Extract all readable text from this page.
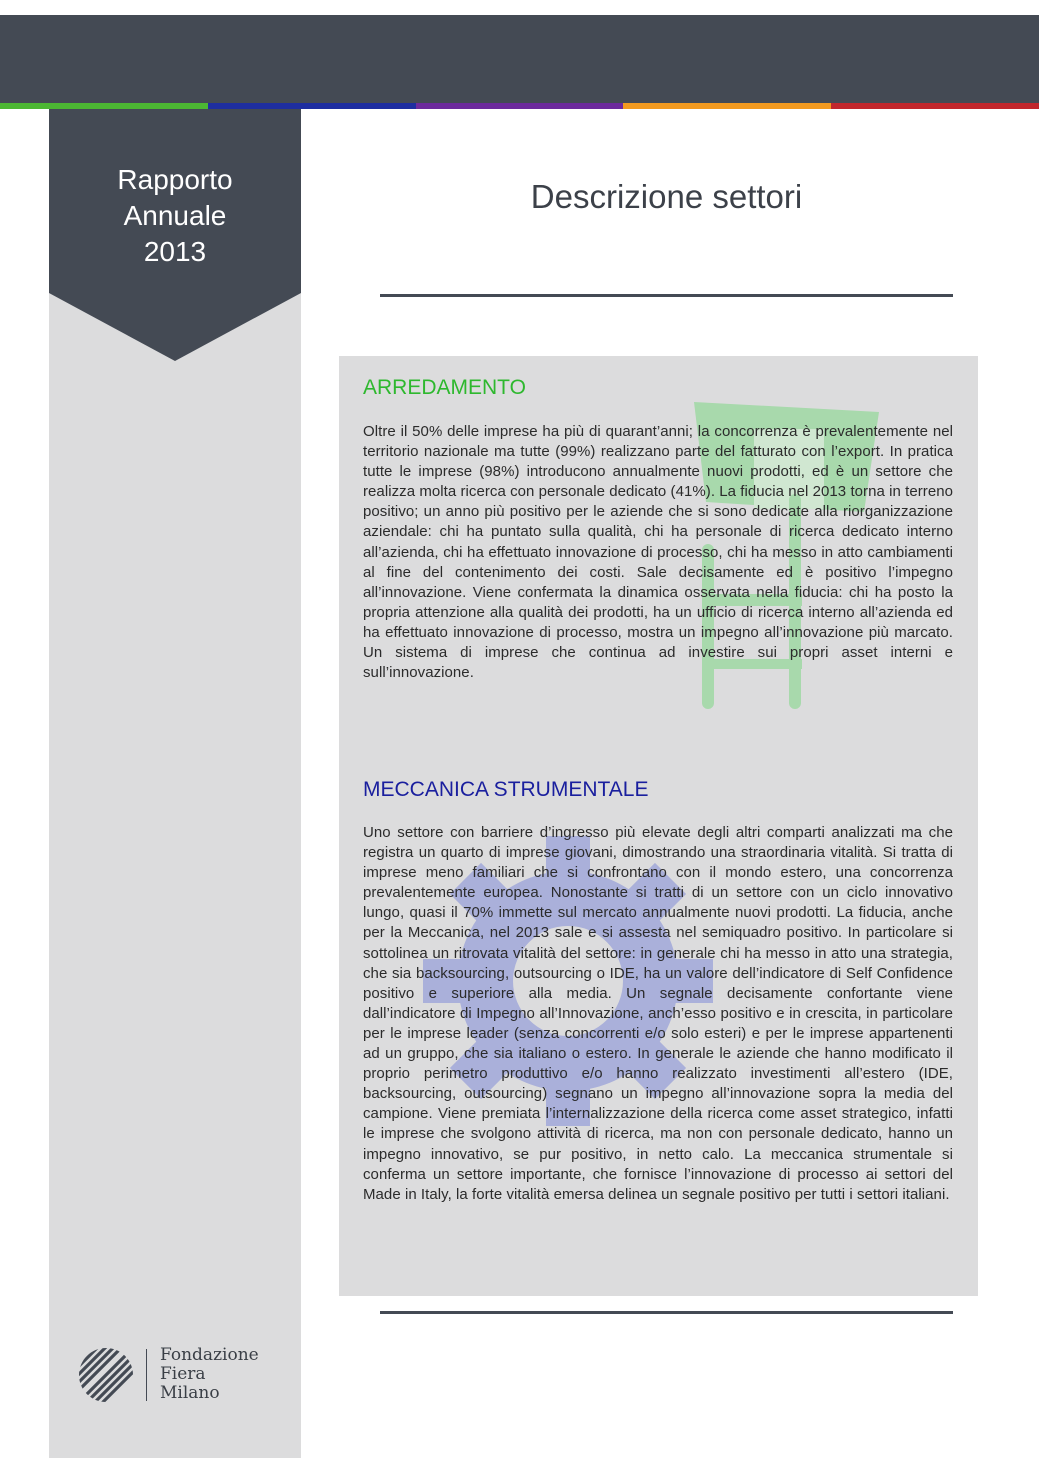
Rapporto
Annuale
2013
Descrizione settori
ARREDAMENTO

Oltre il 50% delle imprese ha più di quarant’anni; la concorrenza è prevalentemente nel territorio nazionale ma tutte (99%) realizzano parte del fatturato con l’export. In pratica tutte le imprese (98%) introducono annualmente nuovi prodotti, ed è un settore che realizza molta ricerca con personale dedicato (41%). La fiducia nel 2013 torna in terreno positivo; un anno più positivo per le aziende che si sono dedicate alla riorganizzazione aziendale: chi ha puntato sulla qualità, chi ha personale di ricerca dedicato interno all’azienda, chi ha effettuato innovazione di processo, chi ha messo in atto cambiamenti al fine del contenimento dei costi. Sale decisamente ed è positivo l’impegno all’innovazione. Viene confermata la dinamica osservata nella fiducia: chi ha posto la propria attenzione alla qualità dei prodotti, ha un ufficio di ricerca interno all’azienda ed ha effettuato innovazione di processo, mostra un impegno all’innovazione più marcato. Un sistema di imprese che continua ad investire sui propri asset interni e sull’innovazione.

MECCANICA STRUMENTALE

Uno settore con barriere d’ingresso più elevate degli altri comparti analizzati ma che registra un quarto di imprese giovani, dimostrando una straordinaria vitalità. Si tratta di imprese meno familiari che si confrontano con il mondo estero, una concorrenza prevalentemente europea. Nonostante si tratti di un settore con un ciclo innovativo lungo, quasi il 70% immette sul mercato annualmente nuovi prodotti. La fiducia, anche per la Meccanica, nel 2013 sale e si assesta nel semiquadro positivo. In particolare si sottolinea un ritrovata vitalità del settore: in generale chi ha messo in atto una strategia, che sia backsourcing, outsourcing o IDE, ha un valore dell’indicatore di Self Confidence positivo e superiore alla media. Un segnale decisamente confortante viene dall’indicatore di Impegno all’Innovazione, anch’esso positivo e in crescita, in particolare per le imprese leader (senza concorrenti e/o solo esteri) e per le imprese appartenenti ad un gruppo, che sia italiano o estero. In generale le aziende che hanno modificato il proprio perimetro produttivo e/o hanno realizzato investimenti all’estero (IDE, backsourcing, outsourcing) segnano un impegno all’innovazione sopra la media del campione. Viene premiata l’internalizzazione della ricerca come asset strategico, infatti le imprese che svolgono attività di ricerca, ma non con personale dedicato, hanno un impegno innovativo, se pur positivo, in netto calo. La meccanica strumentale si conferma un settore importante, che fornisce l’innovazione di processo ai settori del Made in Italy, la forte vitalità emersa delinea un segnale positivo per tutti i settori italiani.

Fondazione
Fiera
Milano
